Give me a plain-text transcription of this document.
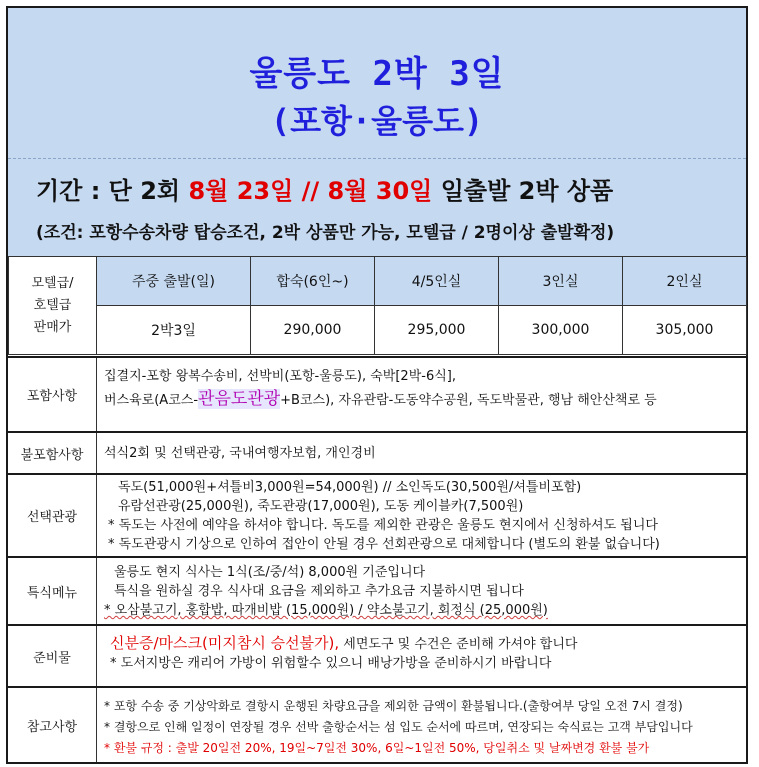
울릉도 2박 3일
(포항·울릉도)
기간 : 단 2회 8월 23일 // 8월 30일 일출발 2박 상품
(조건: 포항수송차량 탑승조건, 2박 상품만 가능, 모텔급 / 2명이상 출발확정)
모텔급/
호텔급
판매가	주중 출발(일)	합숙(6인~)	4/5인실	3인실	2인실
	2박3일	290,000	295,000	300,000	305,000
포함사항
집결지-포항 왕복수송비, 선박비(포항-울릉도), 숙박[2박-6식],
버스육로(A코스-관음도관광+B코스), 자유관람-도동약수공원, 독도박물관, 행남 해안산책로 등
불포함사항	석식2회 및 선택관광, 국내여행자보험, 개인경비
선택관광
독도(51,000원+셔틀비3,000원=54,000원) // 소인독도(30,500원/셔틀비포함)
유람선관광(25,000원), 죽도관광(17,000원), 도동 케이블카(7,500원)
* 독도는 사전에 예약을 하셔야 합니다. 독도를 제외한 관광은 울릉도 현지에서 신청하셔도 됩니다
* 독도관광시 기상으로 인하여 접안이 안될 경우 선회관광으로 대체합니다 (별도의 환불 없습니다)
특식메뉴
울릉도 현지 식사는 1식(조/중/석) 8,000원 기준입니다
특식을 원하실 경우 식사대 요금을 제외하고 추가요금 지불하시면 됩니다
* 오삼불고기, 홍합밥, 따개비밥 (15,000원) / 약소불고기, 회정식 (25,000원)
준비물
신분증/마스크(미지참시 승선불가), 세면도구 및 수건은 준비해 가셔야 합니다
* 도서지방은 캐리어 가방이 위험할수 있으니 배낭가방을 준비하시기 바랍니다
참고사항
* 포항 수송 중 기상악화로 결항시 운행된 차량요금을 제외한 금액이 환불됩니다.(출항여부 당일 오전 7시 결정)
* 결항으로 인해 일정이 연장될 경우 선박 출항순서는 섬 입도 순서에 따르며, 연장되는 숙식료는 고객 부담입니다
* 환불 규정 : 출발 20일전 20%, 19일~7일전 30%, 6일~1일전 50%, 당일취소 및 날짜변경 환불 불가
